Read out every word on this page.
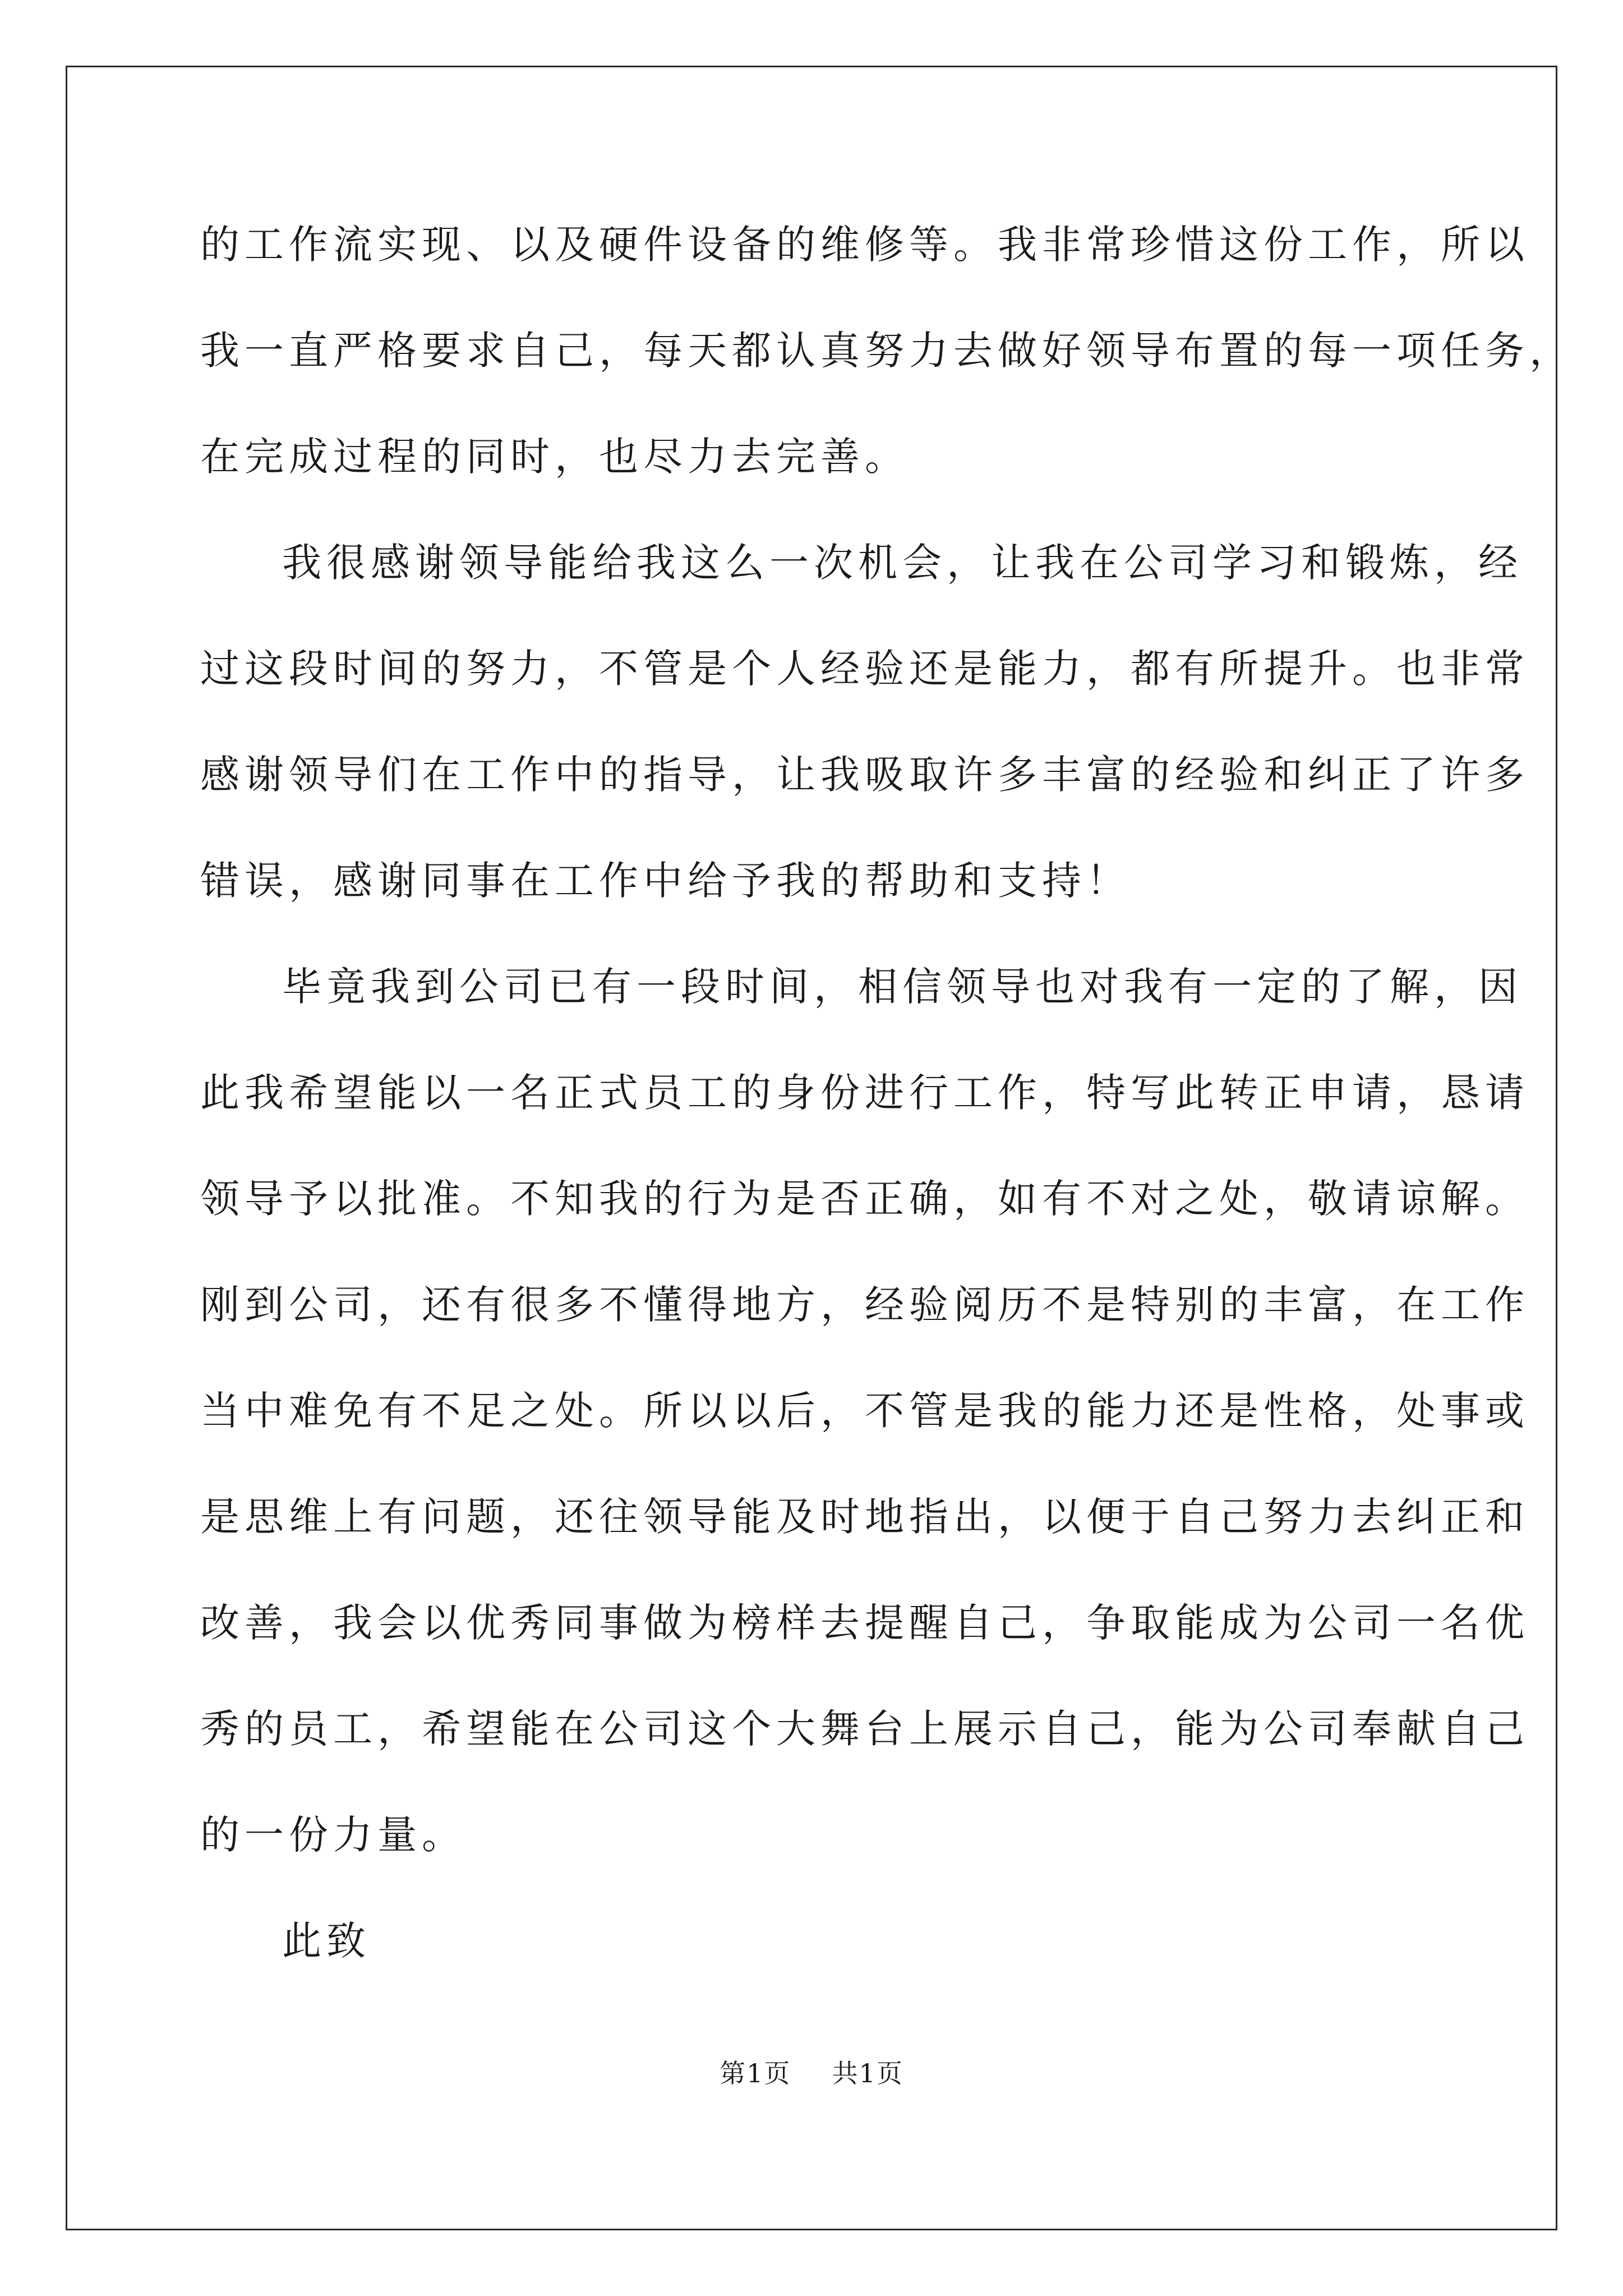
的工作流实现、以及硬件设备的维修等。我非常珍惜这份工作，所以
我一直严格要求自己，每天都认真努力去做好领导布置的每一项任务，
在完成过程的同时，也尽力去完善。
我很感谢领导能给我这么一次机会，让我在公司学习和锻炼，经
过这段时间的努力，不管是个人经验还是能力，都有所提升。也非常
感谢领导们在工作中的指导，让我吸取许多丰富的经验和纠正了许多
错误，感谢同事在工作中给予我的帮助和支持！
毕竟我到公司已有一段时间，相信领导也对我有一定的了解，因
此我希望能以一名正式员工的身份进行工作，特写此转正申请，恳请
领导予以批准。不知我的行为是否正确，如有不对之处，敬请谅解。
刚到公司，还有很多不懂得地方，经验阅历不是特别的丰富，在工作
当中难免有不足之处。所以以后，不管是我的能力还是性格，处事或
是思维上有问题，还往领导能及时地指出，以便于自己努力去纠正和
改善，我会以优秀同事做为榜样去提醒自己，争取能成为公司一名优
秀的员工，希望能在公司这个大舞台上展示自己，能为公司奉献自己
的一份力量。
此致
第1页 共1页
